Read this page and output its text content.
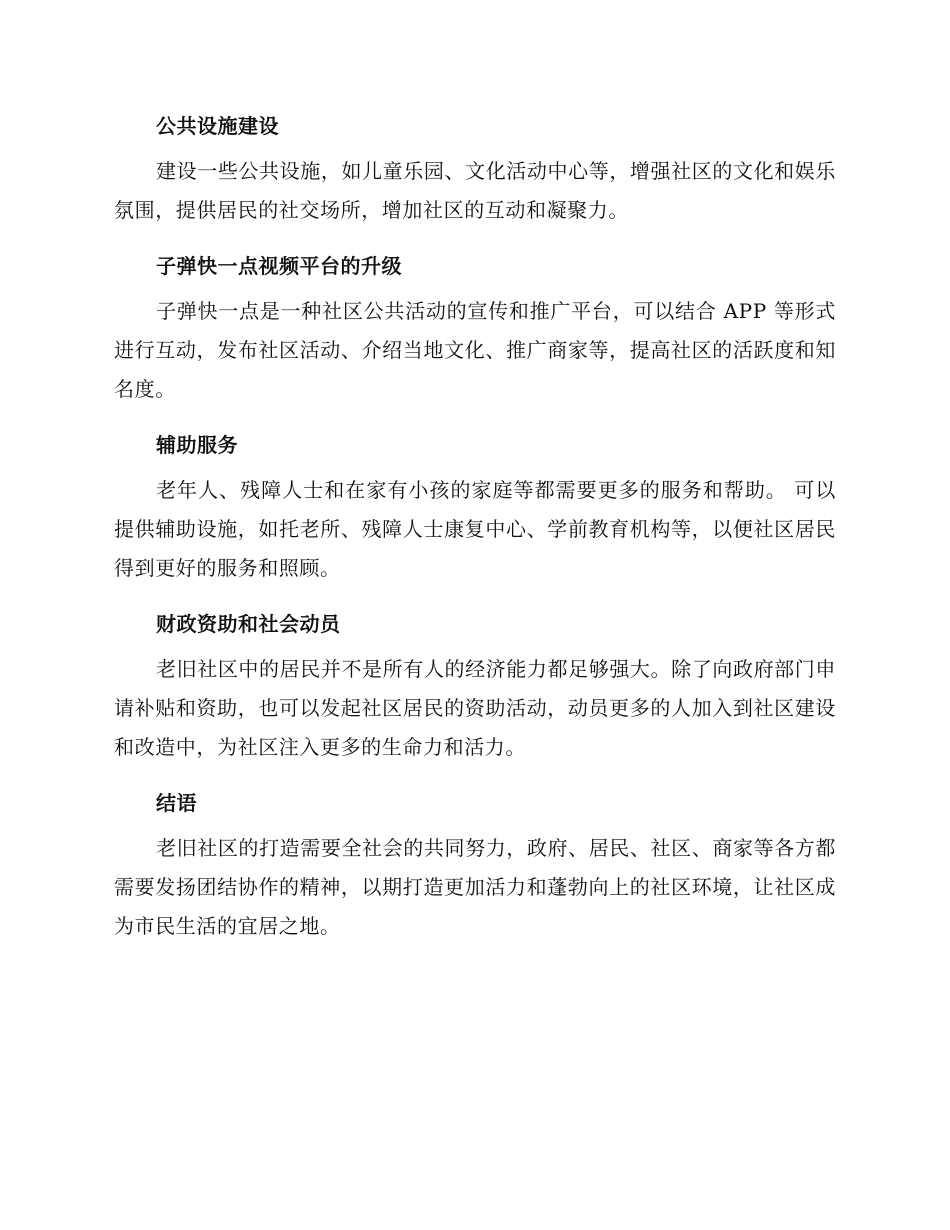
公共设施建设

建设一些公共设施，如儿童乐园、文化活动中心等，增强社区的文化和娱乐氛围，提供居民的社交场所，增加社区的互动和凝聚力。

子弹快一点视频平台的升级

子弹快一点是一种社区公共活动的宣传和推广平台，可以结合 APP 等形式进行互动，发布社区活动、介绍当地文化、推广商家等，提高社区的活跃度和知名度。

辅助服务

老年人、残障人士和在家有小孩的家庭等都需要更多的服务和帮助。 可以提供辅助设施，如托老所、残障人士康复中心、学前教育机构等，以便社区居民得到更好的服务和照顾。

财政资助和社会动员

老旧社区中的居民并不是所有人的经济能力都足够强大。除了向政府部门申请补贴和资助，也可以发起社区居民的资助活动，动员更多的人加入到社区建设和改造中，为社区注入更多的生命力和活力。

结语

老旧社区的打造需要全社会的共同努力，政府、居民、社区、商家等各方都需要发扬团结协作的精神，以期打造更加活力和蓬勃向上的社区环境，让社区成为市民生活的宜居之地。
